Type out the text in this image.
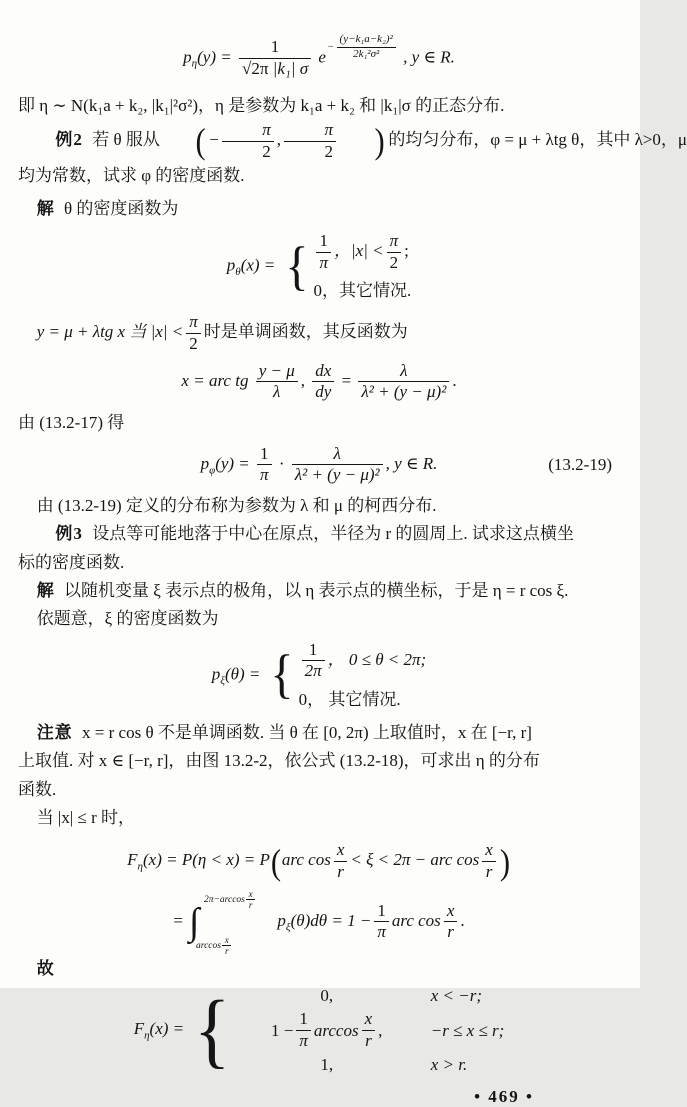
$p_\eta(y) = \frac{1}{\text{√2π |k₁| σ}} e- \frac{\text{(y−k₁a−k₂)²}}{\text{2k₁²σ²}}$ , y ∈ R.
即 η ∼ N(k₁a + k₂, |k₁|²σ²)，η 是参数为 k₁a + k₂ 和 |k₁|σ 的正态分布.
例2 若 θ 服从 ( − $\frac{\pi}{2}$ , $\frac{\pi}{2}$ ) 的均匀分布，φ = μ + λtg θ，其中 λ>0，μ
均为常数，试求 φ 的密度函数.
解 θ 的密度函数为
$p_\theta(x)$ = { $\frac{1}{\pi}$ ，$|x| < \frac{\pi}{2}$ ;
0，其它情况.
y = μ + λtg x 当 $|x| < \frac{\pi}{2}$ 时是单调函数，其反函数为
x = arc tg $\frac{y - \mu}{\lambda}$ , $\frac{dx}{dy} = \frac{\lambda}{\text{λ² + (y − μ)²}}$ .
由 (13.2-17) 得
$p_\varphi(y) = \frac{1}{\pi} \cdot \frac{\lambda}{\text{λ² + (y − μ)²}}$ , y ∈ R.	(13.2-19)
由 (13.2-19) 定义的分布称为参数为 λ 和 μ 的柯西分布.
例3 设点等可能地落于中心在原点，半径为 r 的圆周上. 试求这点横坐
标的密度函数.
解 以随机变量 ξ 表示点的极角，以 η 表示点的横坐标，于是 η = r cos ξ.
依题意，ξ 的密度函数为
$p_\xi(\theta)$ = { $\frac{1}{2\pi}$ ， 0 ≤ θ < 2π;
0， 其它情况.
注意 x = r cos θ 不是单调函数. 当 θ 在 [0, 2π) 上取值时，x 在 [−r, r]
上取值. 对 x ∈ [−r, r]，由图 13.2-2，依公式 (13.2-18)，可求出 η 的分布
函数.
当 |x| ≤ r 时，
$F_\eta(x) = P(\eta < x) = P(arc$ $\cos \frac{x}{r} < \xi < 2\pi$ − arc $\cos \frac{x}{r}$ )
= ∫
$2\pi-\arccos \frac{x}{r}$
$\arccos \frac{x}{r}$
$p_\xi(\theta)d\theta = 1 - \frac{1}{\pi}$ arc $\cos \frac{x}{r}$ .
故
$F_\eta(x)$ = {	0,	x < −r;
$1 - \frac{1}{\pi}$ $\arccos \frac{x}{r}$ ,	−r ≤ x ≤ r;
1,	x > r.
• 469 •
